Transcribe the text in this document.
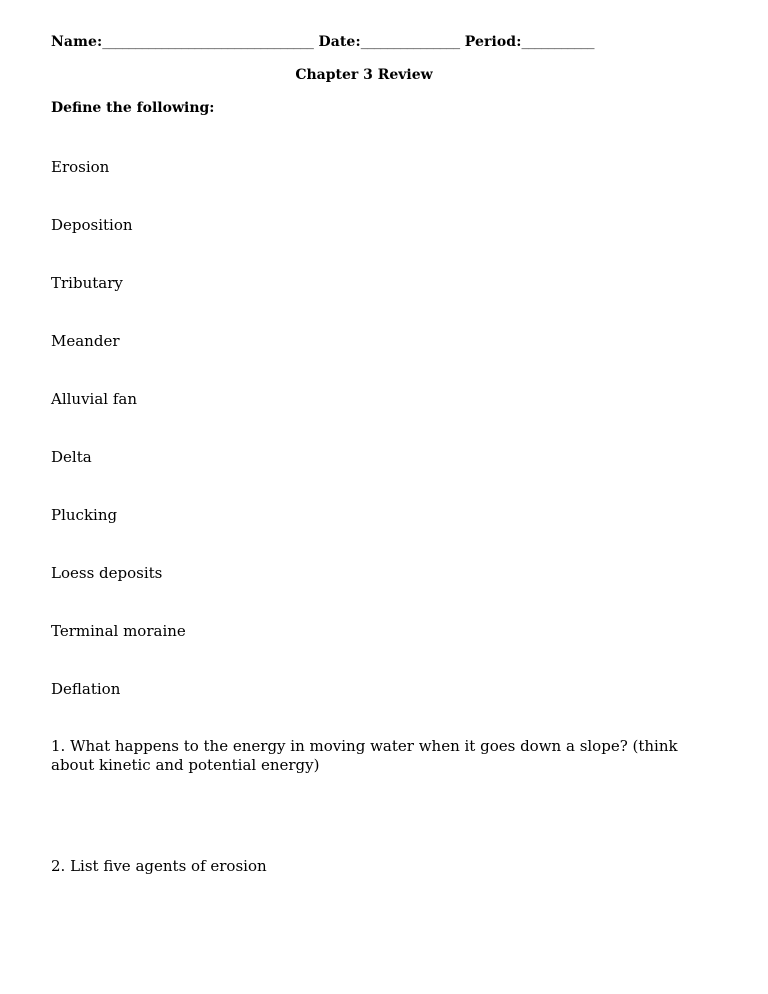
Name:________________________________ Date:_______________ Period:___________
Chapter 3 Review
Define the following:
Erosion
Deposition
Tributary
Meander
Alluvial fan
Delta
Plucking
Loess deposits
Terminal moraine
Deflation
1. What happens to the energy in moving water when it goes down a slope? (think about kinetic and potential energy)
2. List five agents of erosion
